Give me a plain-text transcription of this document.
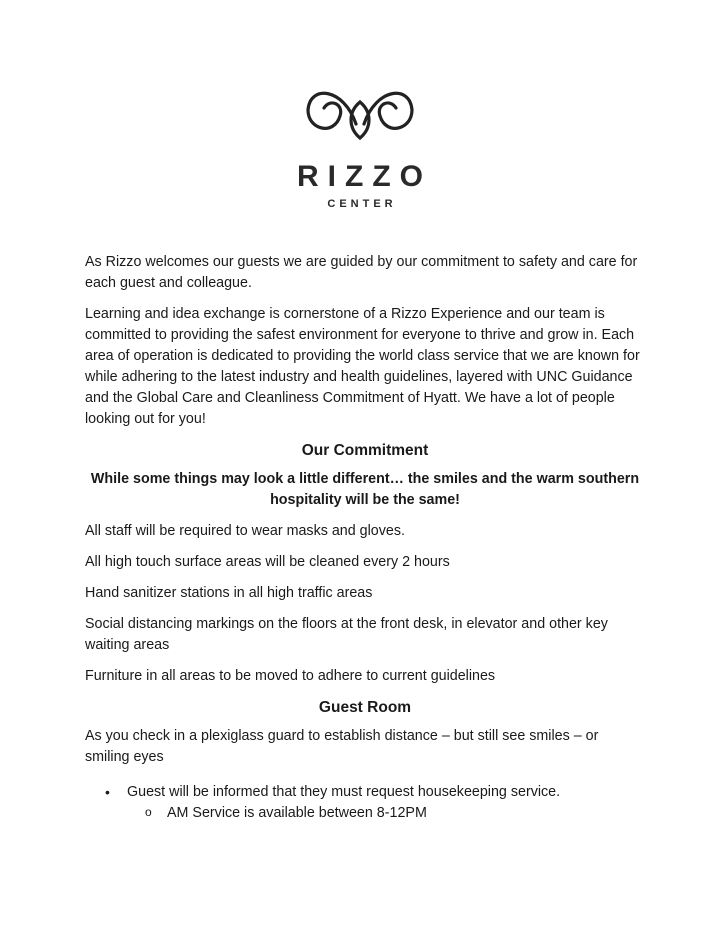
RIZZO
CENTER

As Rizzo welcomes our guests we are guided by our commitment to safety and care for each guest and colleague.

Learning and idea exchange is cornerstone of a Rizzo Experience and our team is committed to providing the safest environment for everyone to thrive and grow in. Each area of operation is dedicated to providing the world class service that we are known for while adhering to the latest industry and health guidelines, layered with UNC Guidance and the Global Care and Cleanliness Commitment of Hyatt. We have a lot of people looking out for you!

Our Commitment

While some things may look a little different… the smiles and the warm southern hospitality will be the same!

All staff will be required to wear masks and gloves.

All high touch surface areas will be cleaned every 2 hours

Hand sanitizer stations in all high traffic areas

Social distancing markings on the floors at the front desk, in elevator and other key waiting areas

Furniture in all areas to be moved to adhere to current guidelines

Guest Room

As you check in a plexiglass guard to establish distance – but still see smiles – or smiling eyes

• Guest will be informed that they must request housekeeping service.
o AM Service is available between 8-12PM
